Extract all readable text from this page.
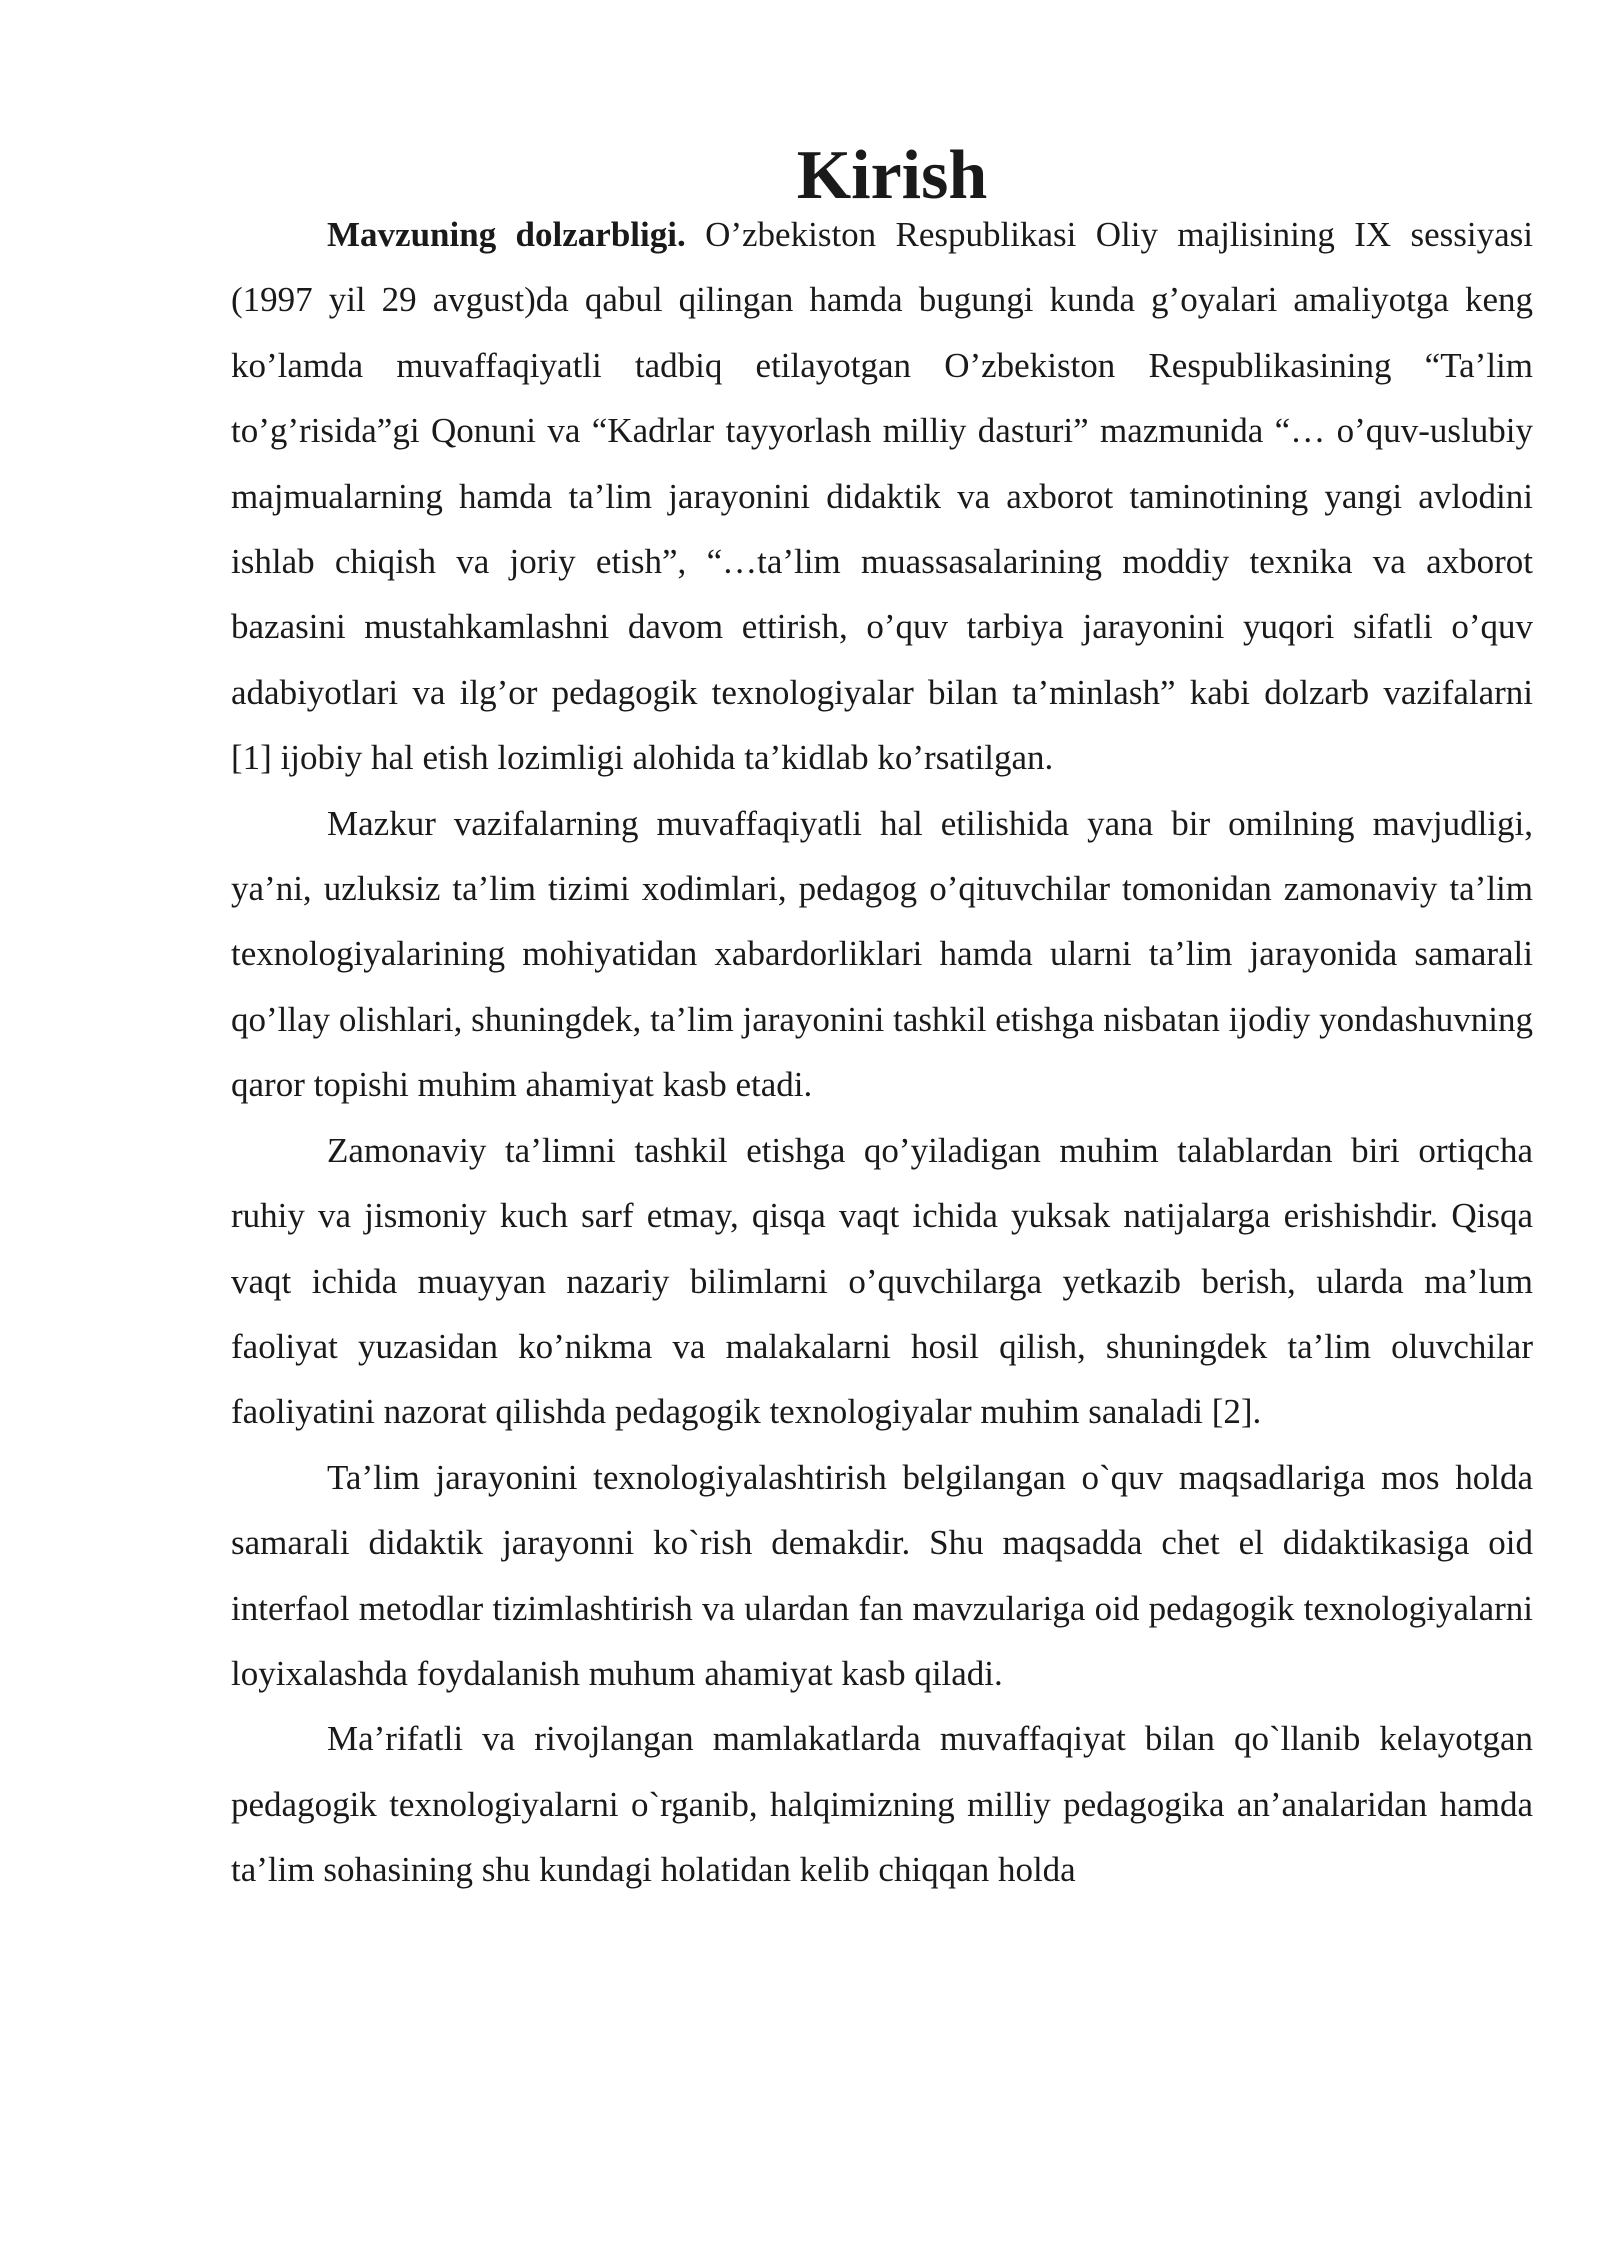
Kirish

Mavzuning dolzarbligi. O’zbekiston Respublikasi Oliy majlisining IX sessiyasi (1997 yil 29 avgust)da qabul qilingan hamda bugungi kunda g’oyalari amaliyotga keng ko’lamda muvaffaqiyatli tadbiq etilayotgan O’zbekiston Respublikasining “Ta’lim to’g’risida”gi Qonuni va “Kadrlar tayyorlash milliy dasturi” mazmunida “… o’quv-uslubiy majmualarning hamda ta’lim jarayonini didaktik va axborot taminotining yangi avlodini ishlab chiqish va joriy etish”, “…ta’lim muassasalarining moddiy texnika va axborot bazasini mustahkamlashni davom ettirish, o’quv tarbiya jarayonini yuqori sifatli o’quv adabiyotlari va ilg’or pedagogik texnologiyalar bilan ta’minlash” kabi dolzarb vazifalarni [1] ijobiy hal etish lozimligi alohida ta’kidlab ko’rsatilgan.

Mazkur vazifalarning muvaffaqiyatli hal etilishida yana bir omilning mavjudligi, ya’ni, uzluksiz ta’lim tizimi xodimlari, pedagog o’qituvchilar tomonidan zamonaviy ta’lim texnologiyalarining mohiyatidan xabardorliklari hamda ularni ta’lim jarayonida samarali qo’llay olishlari, shuningdek, ta’lim jarayonini tashkil etishga nisbatan ijodiy yondashuvning qaror topishi muhim ahamiyat kasb etadi.

Zamonaviy ta’limni tashkil etishga qo’yiladigan muhim talablardan biri ortiqcha ruhiy va jismoniy kuch sarf etmay, qisqa vaqt ichida yuksak natijalarga erishishdir. Qisqa vaqt ichida muayyan nazariy bilimlarni o’quvchilarga yetkazib berish, ularda ma’lum faoliyat yuzasidan ko’nikma va malakalarni hosil qilish, shuningdek ta’lim oluvchilar faoliyatini nazorat qilishda pedagogik texnologiyalar muhim sanaladi [2].

Ta’lim jarayonini texnologiyalashtirish belgilangan o`quv maqsadlariga mos holda samarali didaktik jarayonni ko`rish demakdir. Shu maqsadda chet el didaktikasiga oid interfaol metodlar tizimlashtirish va ulardan fan mavzulariga oid pedagogik texnologiyalarni loyixalashda foydalanish muhum ahamiyat kasb qiladi.

Ma’rifatli va rivojlangan mamlakatlarda muvaffaqiyat bilan qo`llanib kelayotgan pedagogik texnologiyalarni o`rganib, halqimizning milliy pedagogika an’analaridan hamda ta’lim sohasining shu kundagi holatidan kelib chiqqan holda
